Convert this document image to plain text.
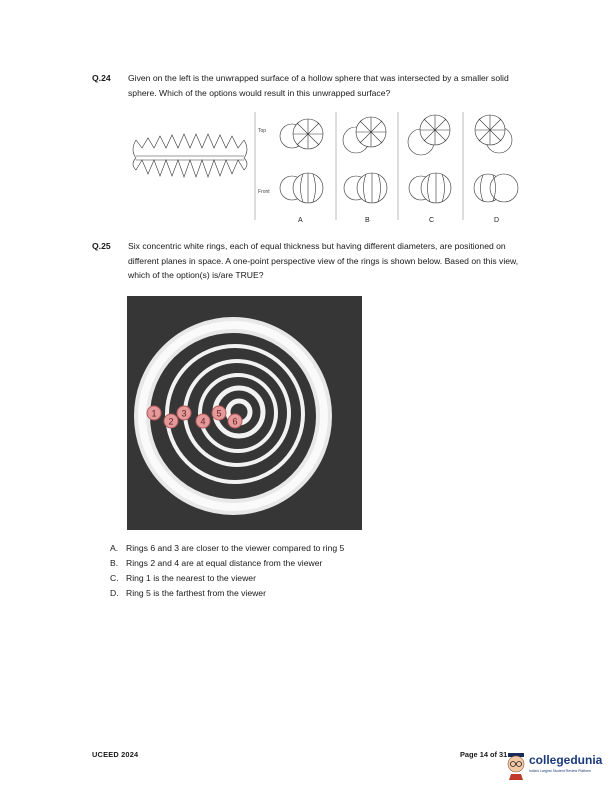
Q.24 Given on the left is the unwrapped surface of a hollow sphere that was intersected by a smaller solid sphere. Which of the options would result in this unwrapped surface?
Top
Front
A	B	C	D
Q.25 Six concentric white rings, each of equal thickness but having different diameters, are positioned on different planes in space. A one-point perspective view of the rings is shown below. Based on this view, which of the option(s) is/are TRUE?
1
2
3
4
5
6
A. Rings 6 and 3 are closer to the viewer compared to ring 5
B. Rings 2 and 4 are at equal distance from the viewer
C. Ring 1 is the nearest to the viewer
D. Ring 5 is the farthest from the viewer
UCEED 2024	Page 14 of 31 collegedunia
India's Largest Student Review Platform
